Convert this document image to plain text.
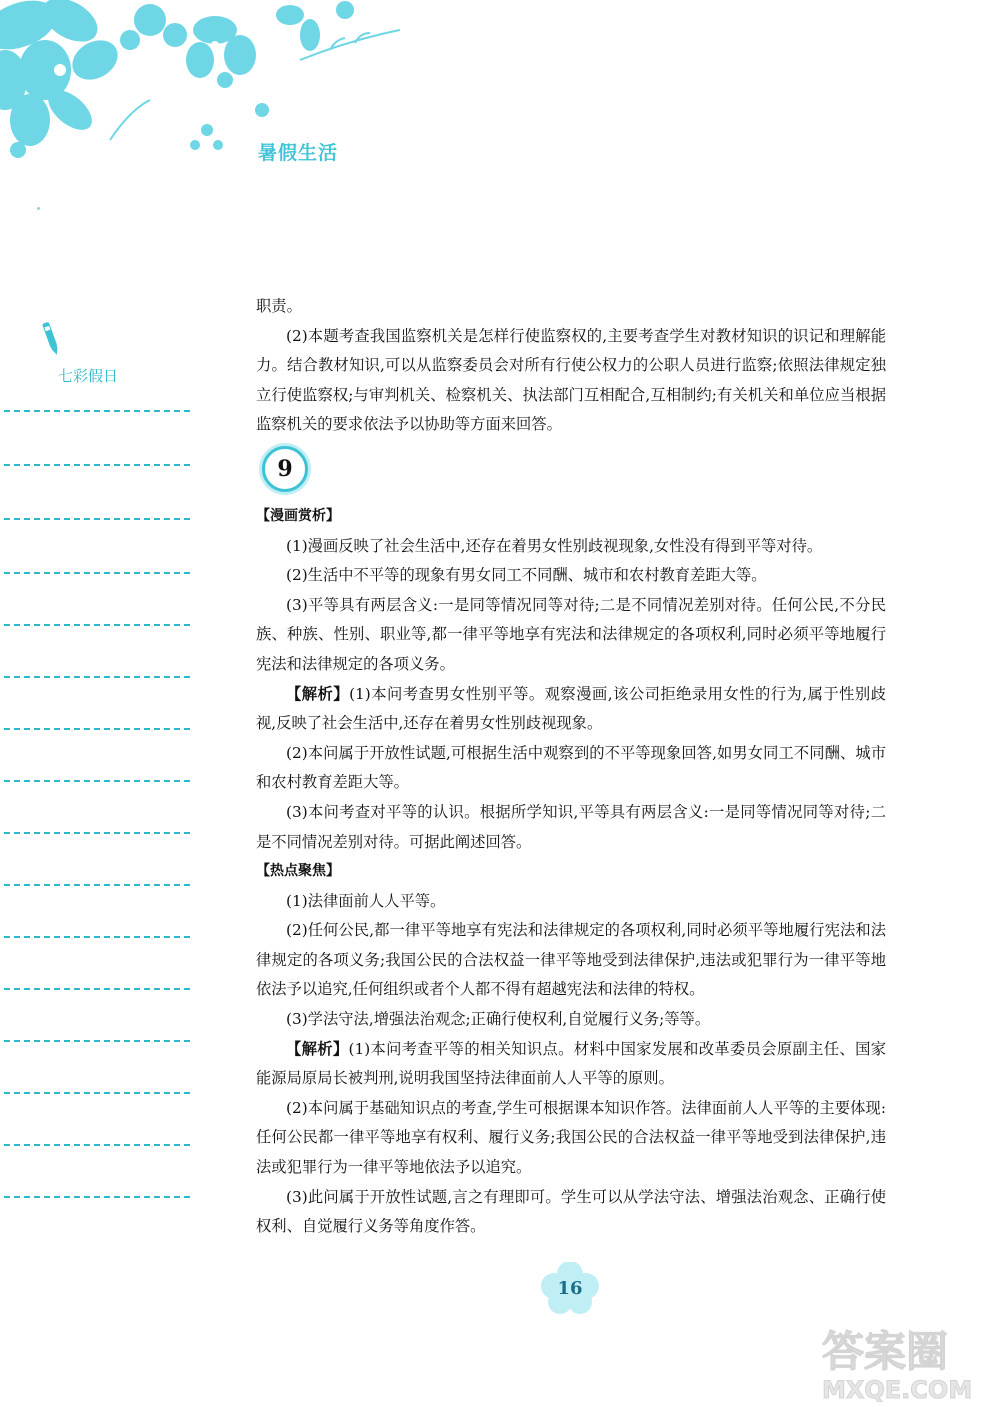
暑假生活
七彩假日

职责。

(2)本题考查我国监察机关是怎样行使监察权的,主要考查学生对教材知识的识记和理解能力。结合教材知识,可以从监察委员会对所有行使公权力的公职人员进行监察;依照法律规定独立行使监察权;与审判机关、检察机关、执法部门互相配合,互相制约;有关机关和单位应当根据监察机关的要求依法予以协助等方面来回答。

9

【漫画赏析】

(1)漫画反映了社会生活中,还存在着男女性别歧视现象,女性没有得到平等对待。

(2)生活中不平等的现象有男女同工不同酬、城市和农村教育差距大等。

(3)平等具有两层含义:一是同等情况同等对待;二是不同情况差别对待。任何公民,不分民族、种族、性别、职业等,都一律平等地享有宪法和法律规定的各项权利,同时必须平等地履行宪法和法律规定的各项义务。

【解析】(1)本问考查男女性别平等。观察漫画,该公司拒绝录用女性的行为,属于性别歧视,反映了社会生活中,还存在着男女性别歧视现象。

(2)本问属于开放性试题,可根据生活中观察到的不平等现象回答,如男女同工不同酬、城市和农村教育差距大等。

(3)本问考查对平等的认识。根据所学知识,平等具有两层含义:一是同等情况同等对待;二是不同情况差别对待。可据此阐述回答。

【热点聚焦】

(1)法律面前人人平等。

(2)任何公民,都一律平等地享有宪法和法律规定的各项权利,同时必须平等地履行宪法和法律规定的各项义务;我国公民的合法权益一律平等地受到法律保护,违法或犯罪行为一律平等地依法予以追究,任何组织或者个人都不得有超越宪法和法律的特权。

(3)学法守法,增强法治观念;正确行使权利,自觉履行义务;等等。

【解析】(1)本问考查平等的相关知识点。材料中国家发展和改革委员会原副主任、国家能源局原局长被判刑,说明我国坚持法律面前人人平等的原则。

(2)本问属于基础知识点的考查,学生可根据课本知识作答。法律面前人人平等的主要体现:任何公民都一律平等地享有权利、履行义务;我国公民的合法权益一律平等地受到法律保护,违法或犯罪行为一律平等地依法予以追究。

(3)此问属于开放性试题,言之有理即可。学生可以从学法守法、增强法治观念、正确行使权利、自觉履行义务等角度作答。

16
答案圈
MXQE.COM
